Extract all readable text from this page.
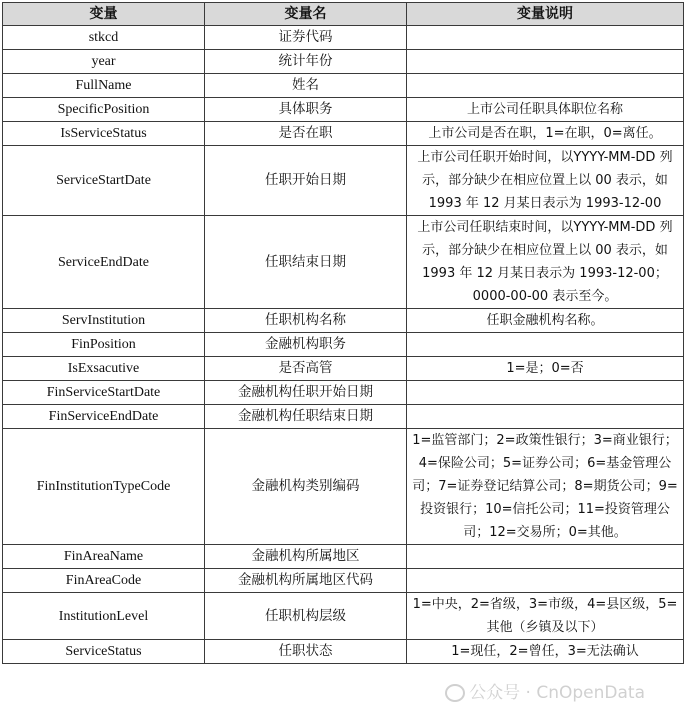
变量	变量名	变量说明
stkcd	证券代码	
year	统计年份	
FullName	姓名	
SpecificPosition	具体职务	上市公司任职具体职位名称
IsServiceStatus	是否在职	上市公司是否在职，1=在职，0=离任。
ServiceStartDate	任职开始日期	上市公司任职开始时间，以YYYY-MM-DD 列示，部分缺少在相应位置上以 00 表示，如 1993 年 12 月某日表示为 1993-12-00
ServiceEndDate	任职结束日期	上市公司任职结束时间，以YYYY-MM-DD 列示，部分缺少在相应位置上以 00 表示，如 1993 年 12 月某日表示为 1993-12-00；0000-00-00 表示至今。
ServInstitution	任职机构名称	任职金融机构名称。
FinPosition	金融机构职务	
IsExsacutive	是否高管	1=是；0=否
FinServiceStartDate	金融机构任职开始日期	
FinServiceEndDate	金融机构任职结束日期	
FinInstitutionTypeCode	金融机构类别编码	1=监管部门；2=政策性银行；3=商业银行；4=保险公司；5=证券公司；6=基金管理公司；7=证券登记结算公司；8=期货公司；9=投资银行；10=信托公司；11=投资管理公司；12=交易所；0=其他。
FinAreaName	金融机构所属地区	
FinAreaCode	金融机构所属地区代码	
InstitutionLevel	任职机构层级	1=中央，2=省级，3=市级，4=县区级，5=其他（乡镇及以下）
ServiceStatus	任职状态	1=现任，2=曾任，3=无法确认
公众号 · CnOpenData
